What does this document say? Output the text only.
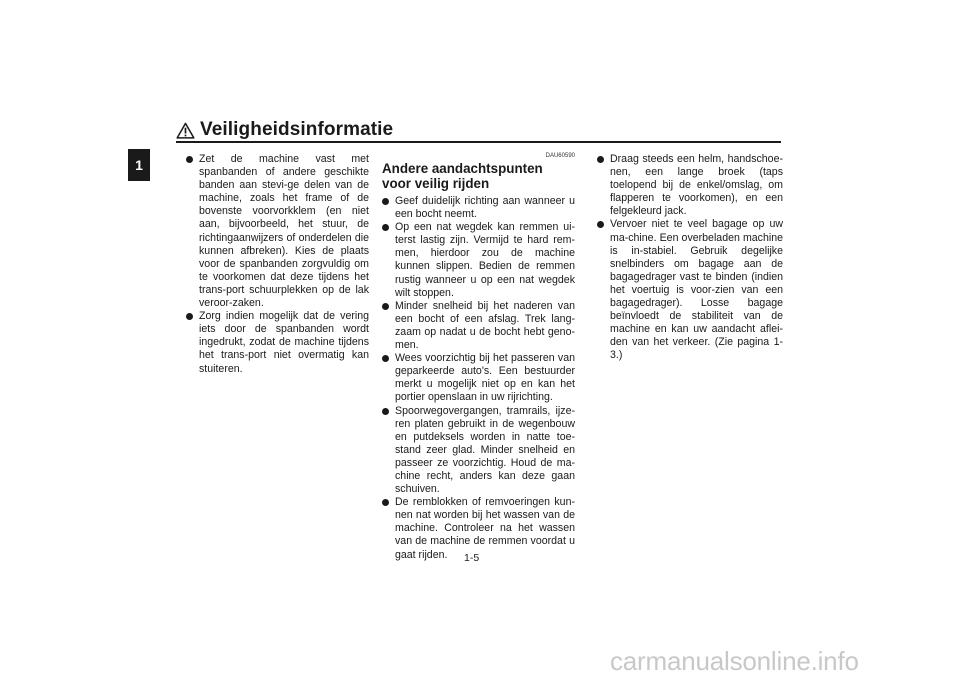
Veiligheidsinformatie
1	Zet de machine vast met spanbanden of andere geschikte banden aan stevi-ge delen van de machine, zoals het frame of de bovenste voorvorkklem (en niet aan, bijvoorbeeld, het stuur, de richtingaanwijzers of onderdelen die kunnen afbreken). Kies de plaats voor de spanbanden zorgvuldig om te voorkomen dat deze tijdens het trans-port schuurplekken op de lak veroor-zaken.
Zorg indien mogelijk dat de vering iets door de spanbanden wordt ingedrukt, zodat de machine tijdens het trans-port niet overmatig kan stuiteren.
DAU60590
Andere aandachtspunten voor veilig rijden
Geef duidelijk richting aan wanneer u een bocht neemt.
Op een nat wegdek kan remmen ui-terst lastig zijn. Vermijd te hard rem-men, hierdoor zou de machine kunnen slippen. Bedien de remmen rustig wanneer u op een nat wegdek wilt stoppen.
Minder snelheid bij het naderen van een bocht of een afslag. Trek lang-zaam op nadat u de bocht hebt geno-men.
Wees voorzichtig bij het passeren van geparkeerde auto's. Een bestuurder merkt u mogelijk niet op en kan het portier openslaan in uw rijrichting.
Spoorwegovergangen, tramrails, ijze-ren platen gebruikt in de wegenbouw en putdeksels worden in natte toe-stand zeer glad. Minder snelheid en passeer ze voorzichtig. Houd de ma-chine recht, anders kan deze gaan schuiven.
De remblokken of remvoeringen kun-nen nat worden bij het wassen van de machine. Controleer na het wassen van de machine de remmen voordat u gaat rijden.
Draag steeds een helm, handschoe-nen, een lange broek (taps toelopend bij de enkel/omslag, om flapperen te voorkomen), en een felgekleurd jack.
Vervoer niet te veel bagage op uw ma-chine. Een overbeladen machine is in-stabiel. Gebruik degelijke snelbinders om bagage aan de bagagedrager vast te binden (indien het voertuig is voor-zien van een bagagedrager). Losse bagage beïnvloedt de stabiliteit van de machine en kan uw aandacht aflei-den van het verkeer. (Zie pagina 1-3.)
1-5
carmanualsonline.info
